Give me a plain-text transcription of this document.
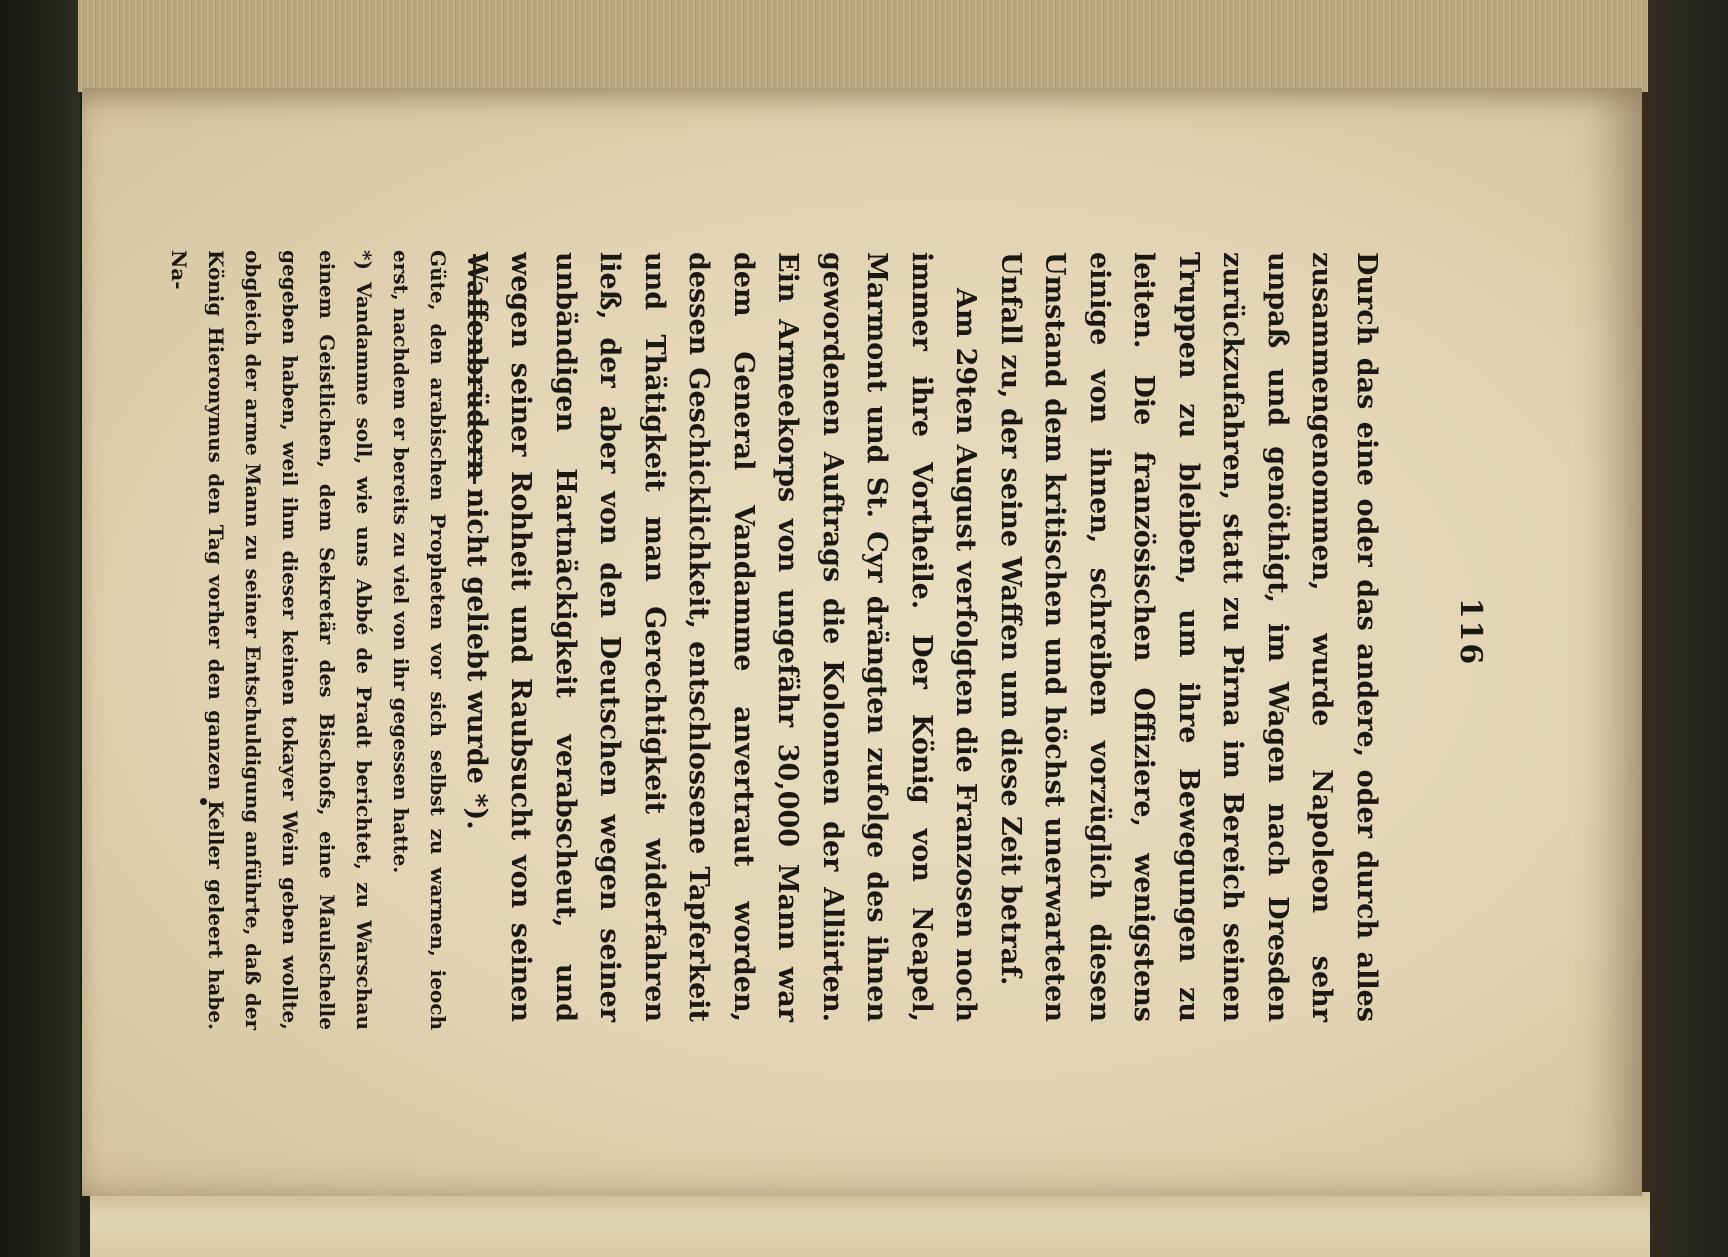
116

Durch das eine oder das andere, oder durch alles zusammengenommen, wurde Napoleon sehr unpaß und genöthigt, im Wagen nach Dresden zurückzufahren, statt zu Pirna im Bereich seinen Truppen zu bleiben, um ihre Bewegungen zu leiten. Die französischen Offiziere, wenigstens einige von ihnen, schreiben vorzüglich diesen Umstand dem kritischen und höchst unerwarteten Unfall zu, der seine Waffen um diese Zeit betraf.

Am 29ten August verfolgten die Franzosen noch immer ihre Vortheile. Der König von Neapel, Marmont und St. Cyr drängten zufolge des ihnen gewordenen Auftrags die Kolonnen der Alliirten. Ein Armeekorps von ungefähr 30,000 Mann war dem General Vandamme anvertraut worden, dessen Geschicklichkeit, entschlossene Tapferkeit und Thätigkeit man Gerechtigkeit widerfahren ließ, der aber von den Deutschen wegen seiner unbändigen Hartnäckigkeit verabscheut, und wegen seiner Rohheit und Raubsucht von seinen Waffenbrüdern nicht geliebt wurde *).

Güte, den arabischen Propheten vor sich selbst zu warnen, ieoch erst, nachdem er bereits zu viel von ihr gegessen hatte.

*) Vandamme soll, wie uns Abbé de Pradt berichtet, zu Warschau einem Geistlichen, dem Sekretär des Bischofs, eine Maulschelle gegeben haben, weil ihm dieser keinen tokayer Wein geben wollte, obgleich der arme Mann zu seiner Entschuldigung anführte, daß der König Hieronymus den Tag vorher den ganzen Keller geleert habe. Na-
